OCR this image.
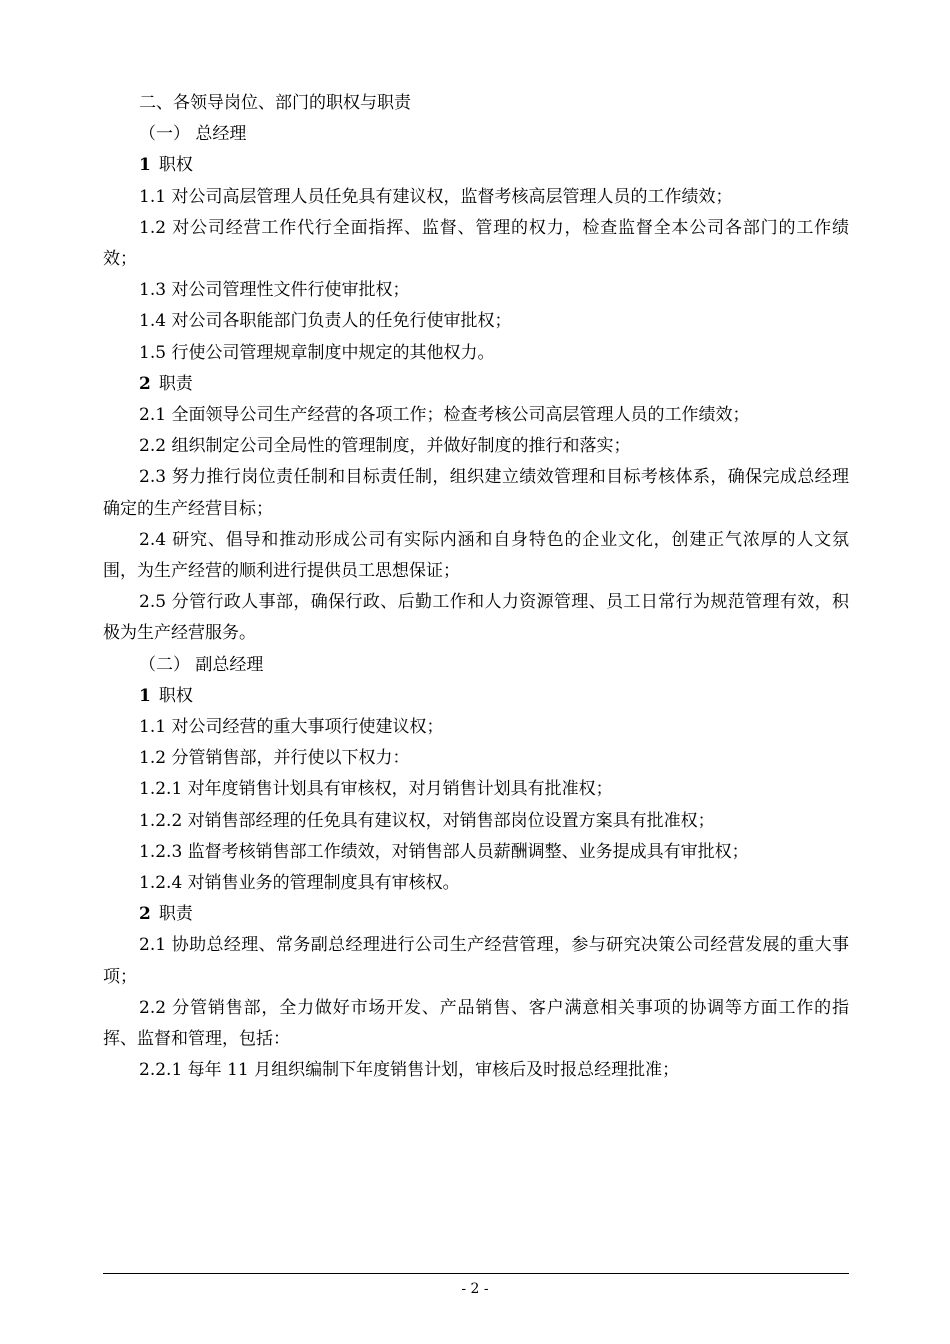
二、各领导岗位、部门的职权与职责

（一） 总经理

1 职权

1.1 对公司高层管理人员任免具有建议权，监督考核高层管理人员的工作绩效；

1.2 对公司经营工作代行全面指挥、监督、管理的权力，检查监督全本公司各部门的工作绩效；

1.3 对公司管理性文件行使审批权；

1.4 对公司各职能部门负责人的任免行使审批权；

1.5 行使公司管理规章制度中规定的其他权力。

2 职责

2.1 全面领导公司生产经营的各项工作；检查考核公司高层管理人员的工作绩效；

2.2 组织制定公司全局性的管理制度，并做好制度的推行和落实；

2.3 努力推行岗位责任制和目标责任制，组织建立绩效管理和目标考核体系，确保完成总经理确定的生产经营目标；

2.4 研究、倡导和推动形成公司有实际内涵和自身特色的企业文化，创建正气浓厚的人文氛围，为生产经营的顺利进行提供员工思想保证；

2.5 分管行政人事部，确保行政、后勤工作和人力资源管理、员工日常行为规范管理有效，积极为生产经营服务。

（二） 副总经理

1 职权

1.1 对公司经营的重大事项行使建议权；

1.2 分管销售部，并行使以下权力：

1.2.1 对年度销售计划具有审核权，对月销售计划具有批准权；

1.2.2 对销售部经理的任免具有建议权，对销售部岗位设置方案具有批准权；

1.2.3 监督考核销售部工作绩效，对销售部人员薪酬调整、业务提成具有审批权；

1.2.4 对销售业务的管理制度具有审核权。

2 职责

2.1 协助总经理、常务副总经理进行公司生产经营管理，参与研究决策公司经营发展的重大事项；

2.2 分管销售部，全力做好市场开发、产品销售、客户满意相关事项的协调等方面工作的指挥、监督和管理，包括：

2.2.1 每年 11 月组织编制下年度销售计划，审核后及时报总经理批准；

- 2 -
